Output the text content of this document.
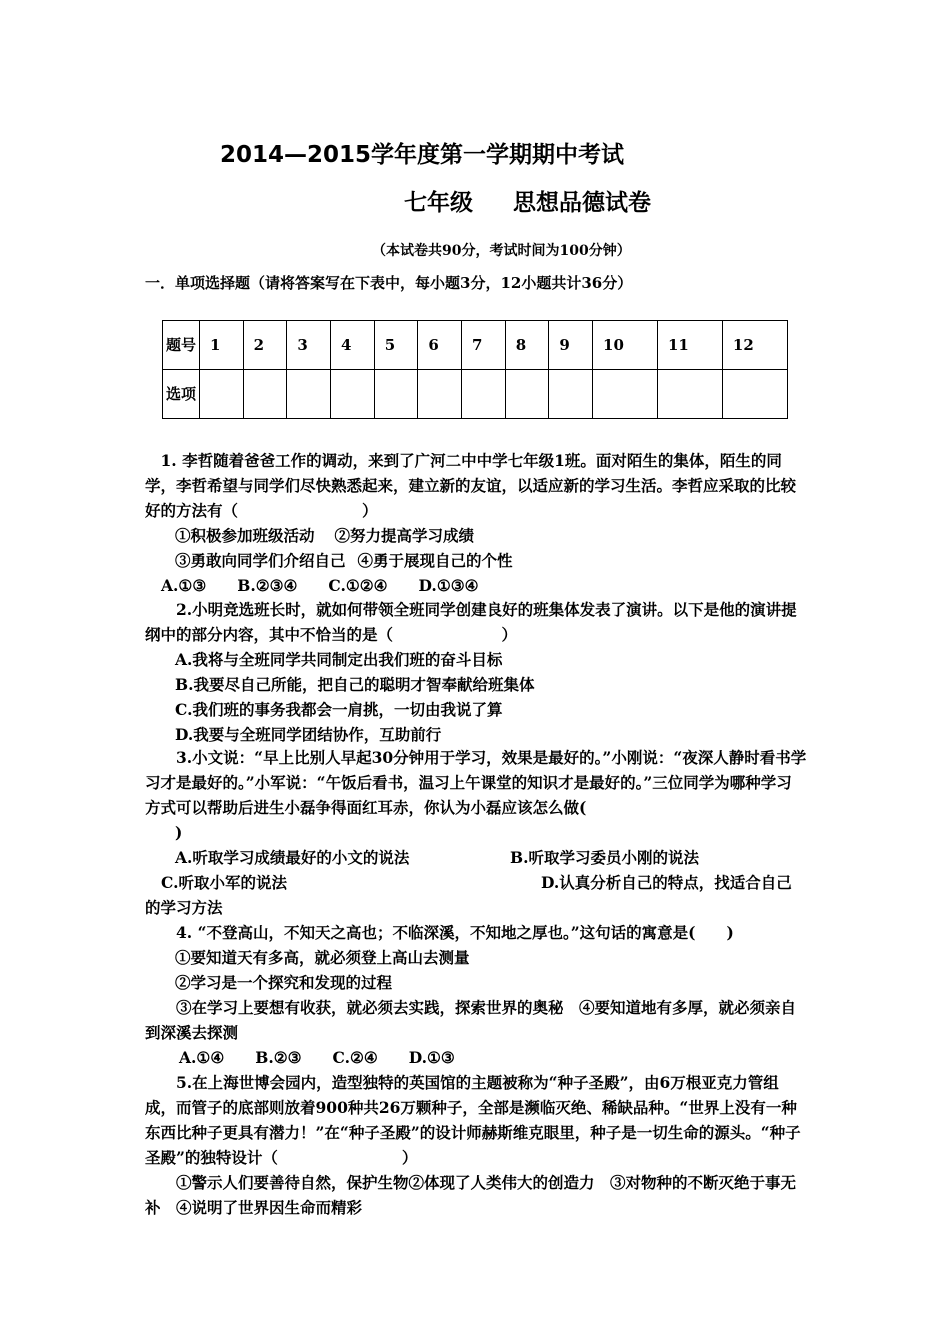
2014—2015学年度第一学期期中考试
七年级 思想品德试卷
（本试卷共90分，考试时间为100分钟）
一．单项选择题（请将答案写在下表中，每小题3分，12小题共计36分）
题号	1	2	3	4	5	6	7	8	9	10	11	12
选项												

1. 李哲随着爸爸工作的调动，来到了广河二中中学七年级1班。面对陌生的集体，陌生的同学，李哲希望与同学们尽快熟悉起来，建立新的友谊，以适应新的学习生活。李哲应采取的比较好的方法有（　　　　　　　　）

①积极参加班级活动 ②努力提高学习成绩

③勇敢向同学们介绍自己 ④勇于展现自己的个性

A.①③　　B.②③④　　C.①②④　　D.①③④

2.小明竞选班长时，就如何带领全班同学创建良好的班集体发表了演讲。以下是他的演讲提纲中的部分内容，其中不恰当的是（　　　　　　　）

A.我将与全班同学共同制定出我们班的奋斗目标

B.我要尽自己所能，把自己的聪明才智奉献给班集体

C.我们班的事务我都会一肩挑，一切由我说了算

D.我要与全班同学团结协作，互助前行

3.小文说：“早上比别人早起30分钟用于学习，效果是最好的。”小刚说：“夜深人静时看书学习才是最好的。”小军说：“午饭后看书，温习上午课堂的知识才是最好的。”三位同学为哪种学习方式可以帮助后进生小磊争得面红耳赤，你认为小磊应该怎么做(

)

A.听取学习成绩最好的小文的说法	B.听取学习委员小刚的说法

C.听取小军的说法	D.认真分析自己的特点，找适合自己

的学习方法

4. “不登高山，不知天之高也；不临深溪，不知地之厚也。”这句话的寓意是(　　)

①要知道天有多高，就必须登上高山去测量

②学习是一个探究和发现的过程

③在学习上要想有收获，就必须去实践，探索世界的奥秘　④要知道地有多厚，就必须亲自到深溪去探测

A.①④　　B.②③　　C.②④　　D.①③

5.在上海世博会园内，造型独特的英国馆的主题被称为“种子圣殿”，由6万根亚克力管组成，而管子的底部则放着900种共26万颗种子，全部是濒临灭绝、稀缺品种。“世界上没有一种东西比种子更具有潜力！”在“种子圣殿”的设计师赫斯维克眼里，种子是一切生命的源头。“种子圣殿”的独特设计（　　　　　　　　）

①警示人们要善待自然，保护生物②体现了人类伟大的创造力　③对物种的不断灭绝于事无补　④说明了世界因生命而精彩
